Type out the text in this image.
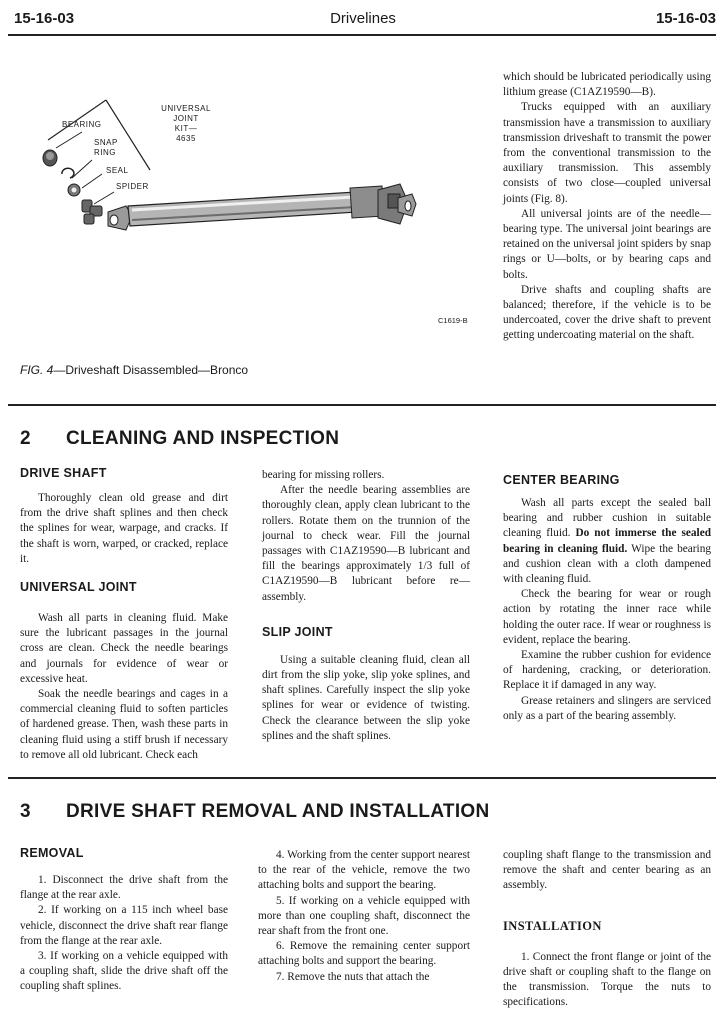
15-16-03	Drivelines	15-16-03
UNIVERSAL
JOINT
KIT—
4635
BEARING
SNAP
RING
SEAL
SPIDER
C1619-B
FIG. 4—Driveshaft Disassembled—Bronco

which should be lubricated periodically using lithium grease (C1AZ19590—B).

Trucks equipped with an auxiliary transmission have a transmission to auxiliary transmission driveshaft to transmit the power from the conventional transmission to the auxiliary transmission. This assembly consists of two close—coupled universal joints (Fig. 8).

All universal joints are of the needle—bearing type. The universal joint bearings are retained on the universal joint spiders by snap rings or U—bolts, or by bearing caps and bolts.

Drive shafts and coupling shafts are balanced; therefore, if the vehicle is to be undercoated, cover the drive shaft to prevent getting undercoating material on the shaft.

2 CLEANING AND INSPECTION
DRIVE SHAFT

Thoroughly clean old grease and dirt from the drive shaft splines and then check the splines for wear, warpage, and cracks. If the shaft is worn, warped, or cracked, replace it.

UNIVERSAL JOINT

Wash all parts in cleaning fluid. Make sure the lubricant passages in the journal cross are clean. Check the needle bearings and journals for evidence of wear or excessive heat.

Soak the needle bearings and cages in a commercial cleaning fluid to soften particles of hardened grease. Then, wash these parts in cleaning fluid using a stiff brush if necessary to remove all old lubricant. Check each

bearing for missing rollers.

After the needle bearing assemblies are thoroughly clean, apply clean lubricant to the rollers. Rotate them on the trunnion of the journal to check wear. Fill the journal passages with C1AZ19590—B lubricant and fill the bearings approximately 1/3 full of C1AZ19590—B lubricant before re—assembly.

SLIP JOINT

Using a suitable cleaning fluid, clean all dirt from the slip yoke, slip yoke splines, and shaft splines. Carefully inspect the slip yoke splines for wear or evidence of twisting. Check the clearance between the slip yoke splines and the shaft splines.

CENTER BEARING

Wash all parts except the sealed ball bearing and rubber cushion in suitable cleaning fluid. Do not immerse the sealed bearing in cleaning fluid. Wipe the bearing and cushion clean with a cloth dampened with cleaning fluid.

Check the bearing for wear or rough action by rotating the inner race while holding the outer race. If wear or roughness is evident, replace the bearing.

Examine the rubber cushion for evidence of hardening, cracking, or deterioration. Replace it if damaged in any way.

Grease retainers and slingers are serviced only as a part of the bearing assembly.

3 DRIVE SHAFT REMOVAL AND INSTALLATION
REMOVAL

1. Disconnect the drive shaft from the flange at the rear axle.

2. If working on a 115 inch wheel base vehicle, disconnect the drive shaft rear flange from the flange at the rear axle.

3. If working on a vehicle equipped with a coupling shaft, slide the drive shaft off the coupling shaft splines.

4. Working from the center support nearest to the rear of the vehicle, remove the two attaching bolts and support the bearing.

5. If working on a vehicle equipped with more than one coupling shaft, disconnect the rear shaft from the front one.

6. Remove the remaining center support attaching bolts and support the bearing.

7. Remove the nuts that attach the

coupling shaft flange to the transmission and remove the shaft and center bearing as an assembly.

INSTALLATION

1. Connect the front flange or joint of the drive shaft or coupling shaft to the flange on the transmission. Torque the nuts to specifications.
